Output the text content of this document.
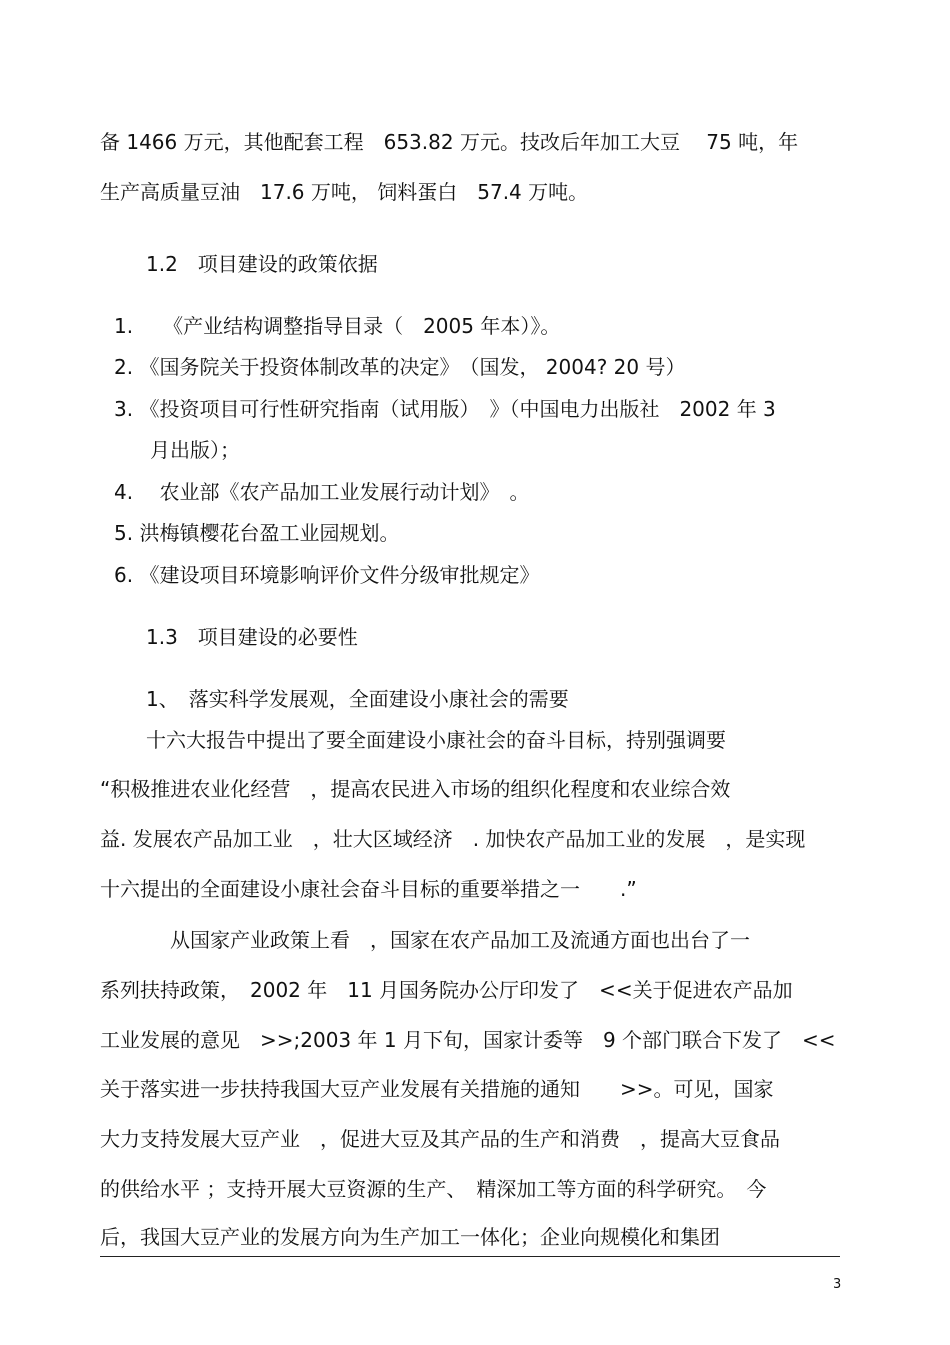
备 1466 万元，其他配套工程　653.82 万元。技改后年加工大豆　 75 吨，年
生产高质量豆油　17.6 万吨， 饲料蛋白　57.4 万吨。
1.2　项目建设的政策依据
1.　　《产业结构调整指导目录（　2005 年本）》。
2. 《国务院关于投资体制改革的决定》　（国发， 2004? 20 号）
3. 《投资项目可行性研究指南（试用版）　》（中国电力出版社　2002 年 3
月出版）；
4.　 农业部《农产品加工业发展行动计划》　。
5. 洪梅镇樱花台盈工业园规划。
6. 《建设项目环境影响评价文件分级审批规定》
1.3　项目建设的必要性
1、　落实科学发展观，全面建设小康社会的需要
十六大报告中提出了要全面建设小康社会的奋斗目标，持别强调要
“积极推进农业化经营　，提高农民进入市场的组织化程度和农业综合效
益. 发展农产品加工业　，壮大区域经济　. 加快农产品加工业的发展　，是实现
十六提出的全面建设小康社会奋斗目标的重要举措之一　　.”
从国家产业政策上看　，国家在农产品加工及流通方面也出台了一
系列扶持政策，　2002 年　11 月国务院办公厅印发了　<<关于促进农产品加
工业发展的意见　>>;2003 年 1 月下旬，国家计委等　9 个部门联合下发了　<<
关于落实进一步扶持我国大豆产业发展有关措施的通知　　>>。可见，国家
大力支持发展大豆产业　，促进大豆及其产品的生产和消费　，提高大豆食品
的供给水平 ；支持开展大豆资源的生产、　精深加工等方面的科学研究。　今
后，我国大豆产业的发展方向为生产加工一体化；企业向规模化和集团
3
